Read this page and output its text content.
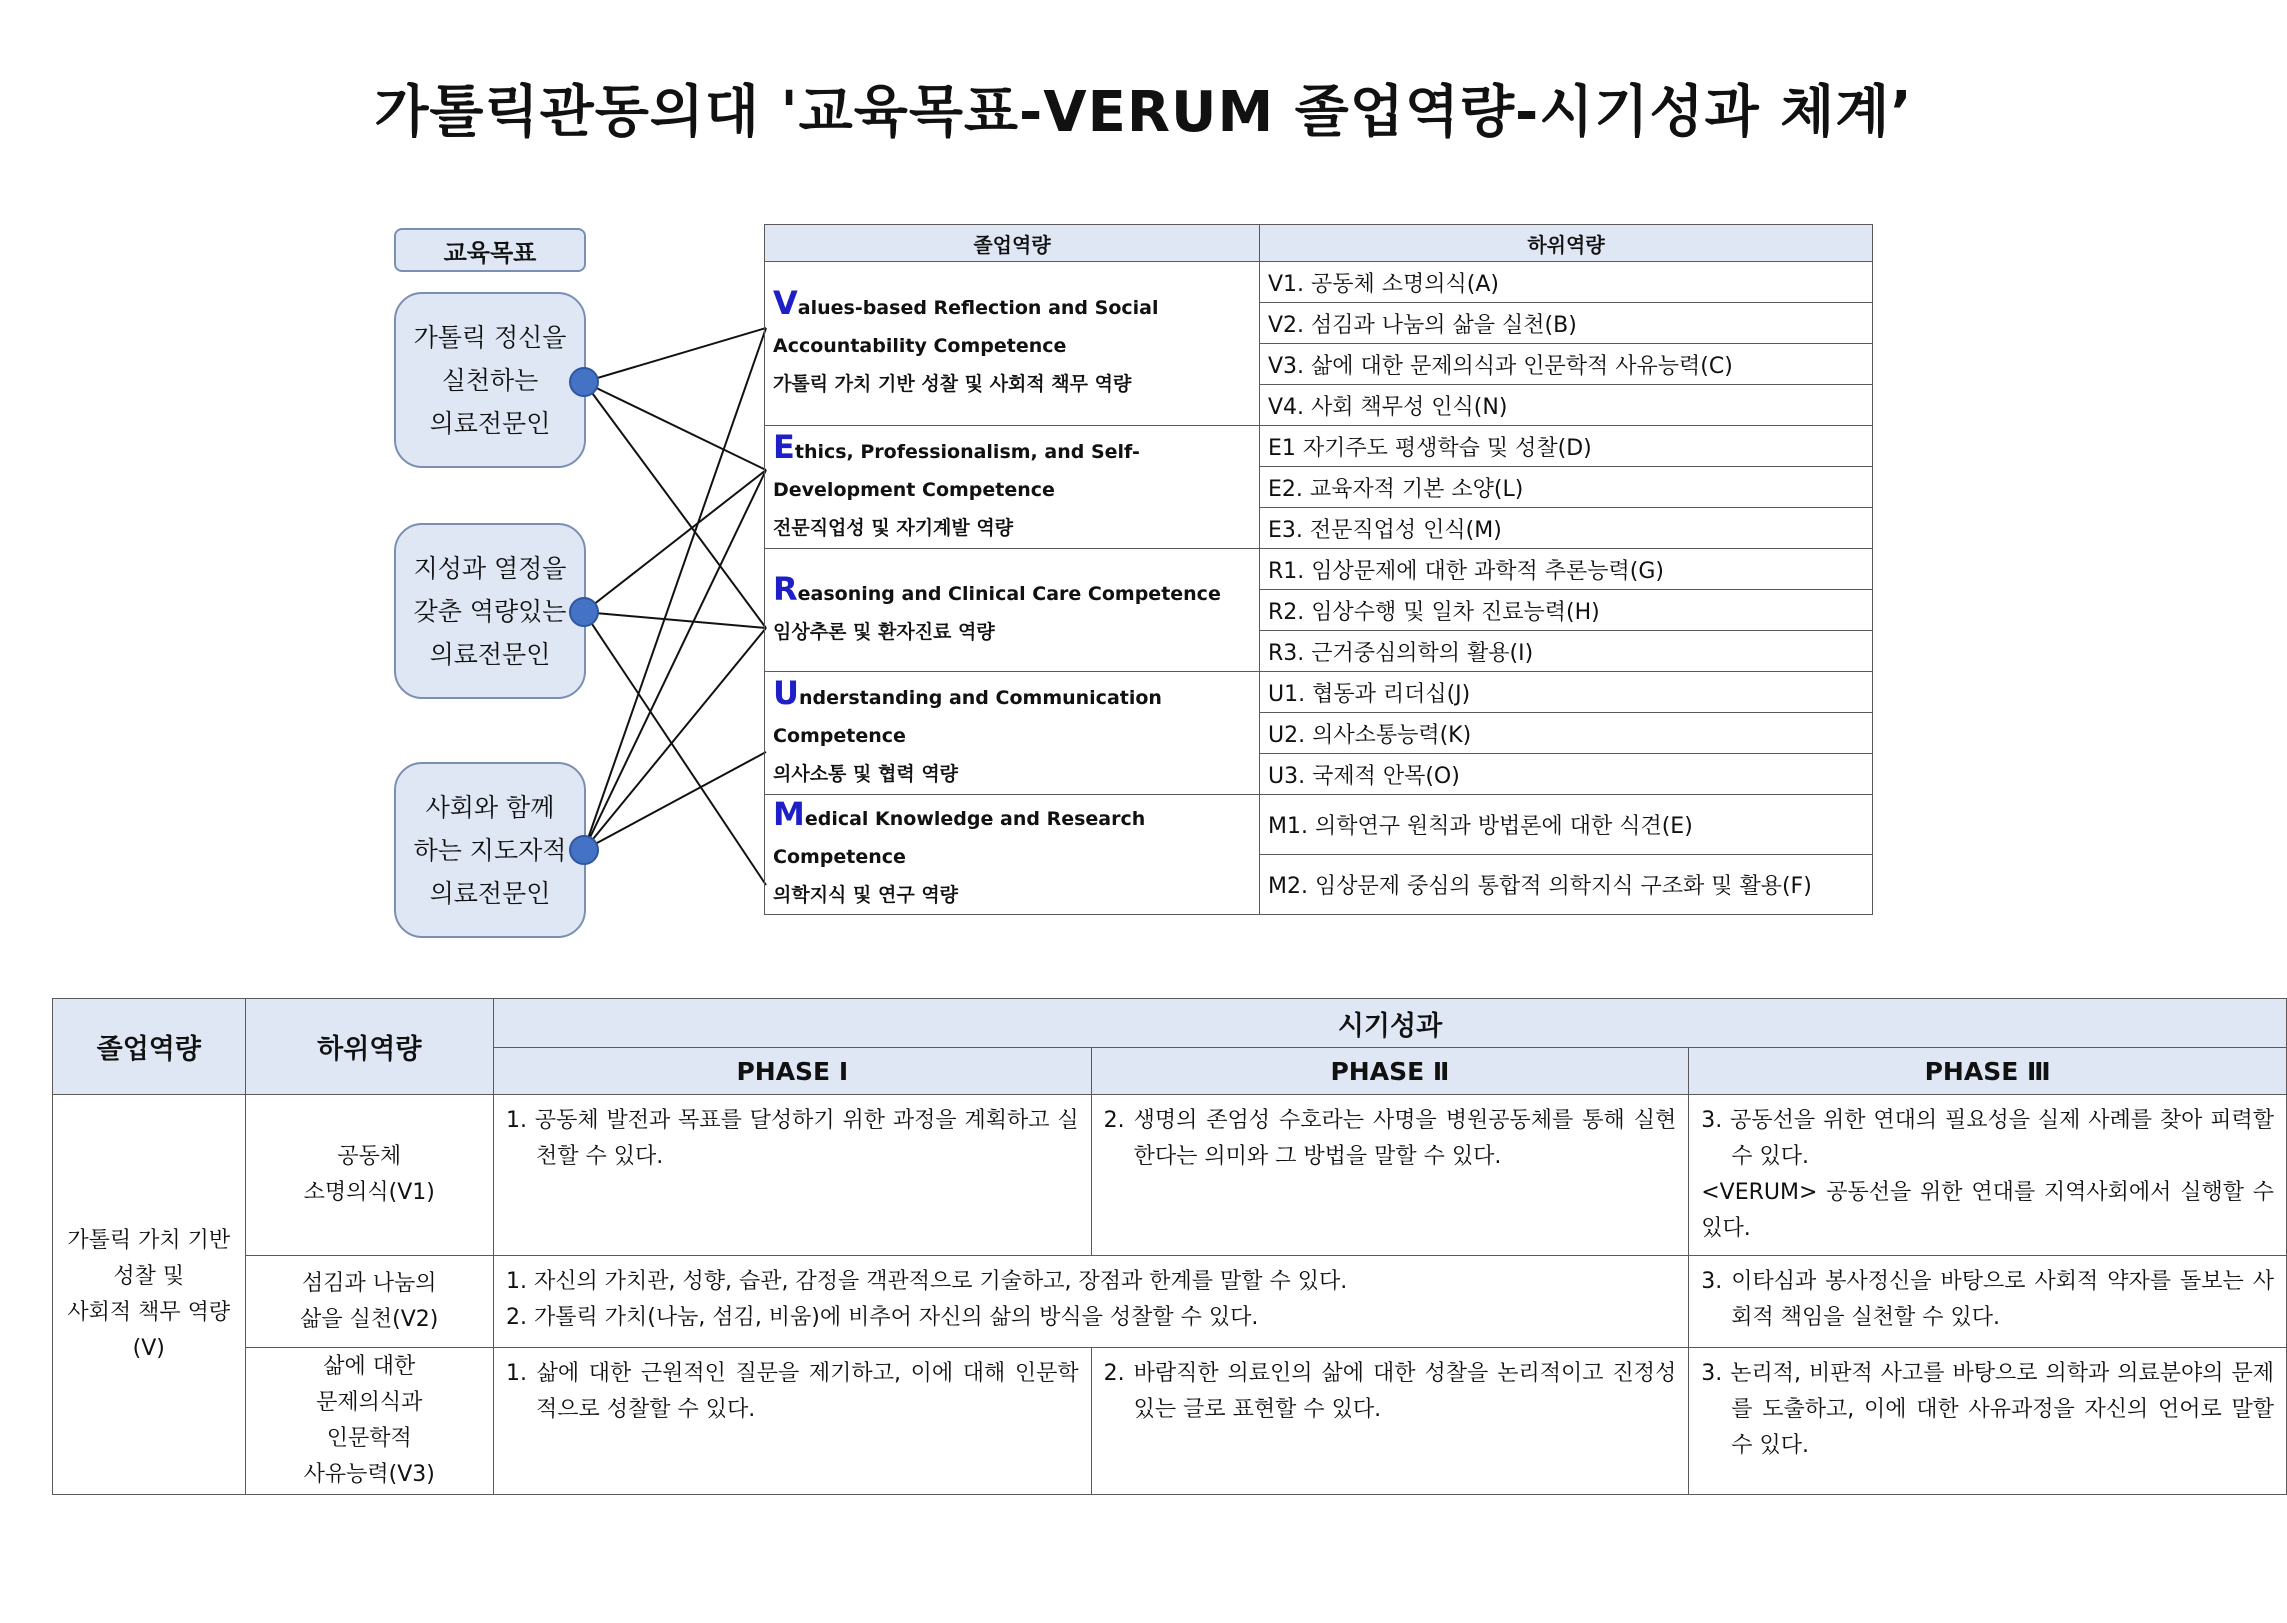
가톨릭관동의대 '교육목표-VERUM 졸업역량-시기성과 체계’
교육목표
가톨릭 정신을
실천하는
의료전문인
지성과 열정을
갖춘 역량있는
의료전문인
사회와 함께
하는 지도자적
의료전문인
졸업역량	하위역량
Values-based Reflection and Social Accountability Competence
가톨릭 가치 기반 성찰 및 사회적 책무 역량	V1. 공동체 소명의식(A)
	V2. 섬김과 나눔의 삶을 실천(B)
	V3. 삶에 대한 문제의식과 인문학적 사유능력(C)
	V4. 사회 책무성 인식(N)
Ethics, Professionalism, and Self-Development Competence
전문직업성 및 자기계발 역량	E1 자기주도 평생학습 및 성찰(D)
	E2. 교육자적 기본 소양(L)
	E3. 전문직업성 인식(M)
Reasoning and Clinical Care Competence
임상추론 및 환자진료 역량	R1. 임상문제에 대한 과학적 추론능력(G)
	R2. 임상수행 및 일차 진료능력(H)
	R3. 근거중심의학의 활용(I)
Understanding and Communication Competence
의사소통 및 협력 역량	U1. 협동과 리더십(J)
	U2. 의사소통능력(K)
	U3. 국제적 안목(O)
Medical Knowledge and Research Competence
의학지식 및 연구 역량	M1. 의학연구 원칙과 방법론에 대한 식견(E)
	M2. 임상문제 중심의 통합적 의학지식 구조화 및 활용(F)
졸업역량	하위역량	시기성과		
		PHASE Ⅰ	PHASE Ⅱ	PHASE Ⅲ
가톨릭 가치 기반
성찰 및
사회적 책무 역량
(V)	공동체
소명의식(V1)	1. 공동체 발전과 목표를 달성하기 위한 과정을 계획하고 실천할 수 있다.	2. 생명의 존엄성 수호라는 사명을 병원공동체를 통해 실현한다는 의미와 그 방법을 말할 수 있다.	3. 공동선을 위한 연대의 필요성을 실제 사례를 찾아 피력할 수 있다.
<VERUM> 공동선을 위한 연대를 지역사회에서 실행할 수 있다.
	섬김과 나눔의
삶을 실천(V2)	1. 자신의 가치관, 성향, 습관, 감정을 객관적으로 기술하고, 장점과 한계를 말할 수 있다.
2. 가톨릭 가치(나눔, 섬김, 비움)에 비추어 자신의 삶의 방식을 성찰할 수 있다.		3. 이타심과 봉사정신을 바탕으로 사회적 약자를 돌보는 사회적 책임을 실천할 수 있다.

	삶에 대한
문제의식과
인문학적
사유능력(V3)	1. 삶에 대한 근원적인 질문을 제기하고, 이에 대해 인문학적으로 성찰할 수 있다.	2. 바람직한 의료인의 삶에 대한 성찰을 논리적이고 진정성 있는 글로 표현할 수 있다.	3. 논리적, 비판적 사고를 바탕으로 의학과 의료분야의 문제를 도출하고, 이에 대한 사유과정을 자신의 언어로 말할 수 있다.
